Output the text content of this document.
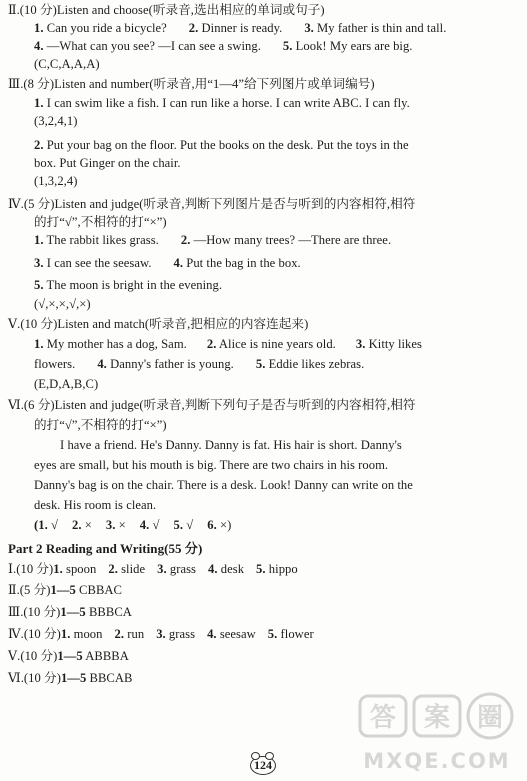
Ⅱ.(10 分)Listen and choose(听录音,选出相应的单词或句子)
1. Can you ride a bicycle? 2. Dinner is ready. 3. My father is thin and tall.
4. —What can you see? —I can see a swing. 5. Look! My ears are big.
(C,C,A,A,A)
Ⅲ.(8 分)Listen and number(听录音,用“1—4”给下列图片或单词编号)
1. I can swim like a fish. I can run like a horse. I can write ABC. I can fly.
(3,2,4,1)
2. Put your bag on the floor. Put the books on the desk. Put the toys in the
box. Put Ginger on the chair.
(1,3,2,4)
Ⅳ.(5 分)Listen and judge(听录音,判断下列图片是否与听到的内容相符,相符
的打“√”,不相符的打“×”)
1. The rabbit likes grass. 2. —How many trees? —There are three.
3. I can see the seesaw. 4. Put the bag in the box.
5. The moon is bright in the evening.
(√,×,×,√,×)
Ⅴ.(10 分)Listen and match(听录音,把相应的内容连起来)
1. My mother has a dog, Sam. 2. Alice is nine years old. 3. Kitty likes
flowers. 4. Danny's father is young. 5. Eddie likes zebras.
(E,D,A,B,C)
Ⅵ.(6 分)Listen and judge(听录音,判断下列句子是否与听到的内容相符,相符
的打“√”,不相符的打“×”)
I have a friend. He's Danny. Danny is fat. His hair is short. Danny's
eyes are small, but his mouth is big. There are two chairs in his room.
Danny's bag is on the chair. There is a desk. Look! Danny can write on the
desk. His room is clean.
(1. √ 2. × 3. × 4. √ 5. √ 6. ×)
Part 2 Reading and Writing(55 分)
Ⅰ.(10 分)1. spoon 2. slide 3. grass 4. desk 5. hippo
Ⅱ.(5 分)1—5 CBBAC
Ⅲ.(10 分)1—5 BBBCA
Ⅳ.(10 分)1. moon 2. run 3. grass 4. seesaw 5. flower
Ⅴ.(10 分)1—5 ABBBA
Ⅵ.(10 分)1—5 BBCAB
答 案 圈
MXQE.COM
124
